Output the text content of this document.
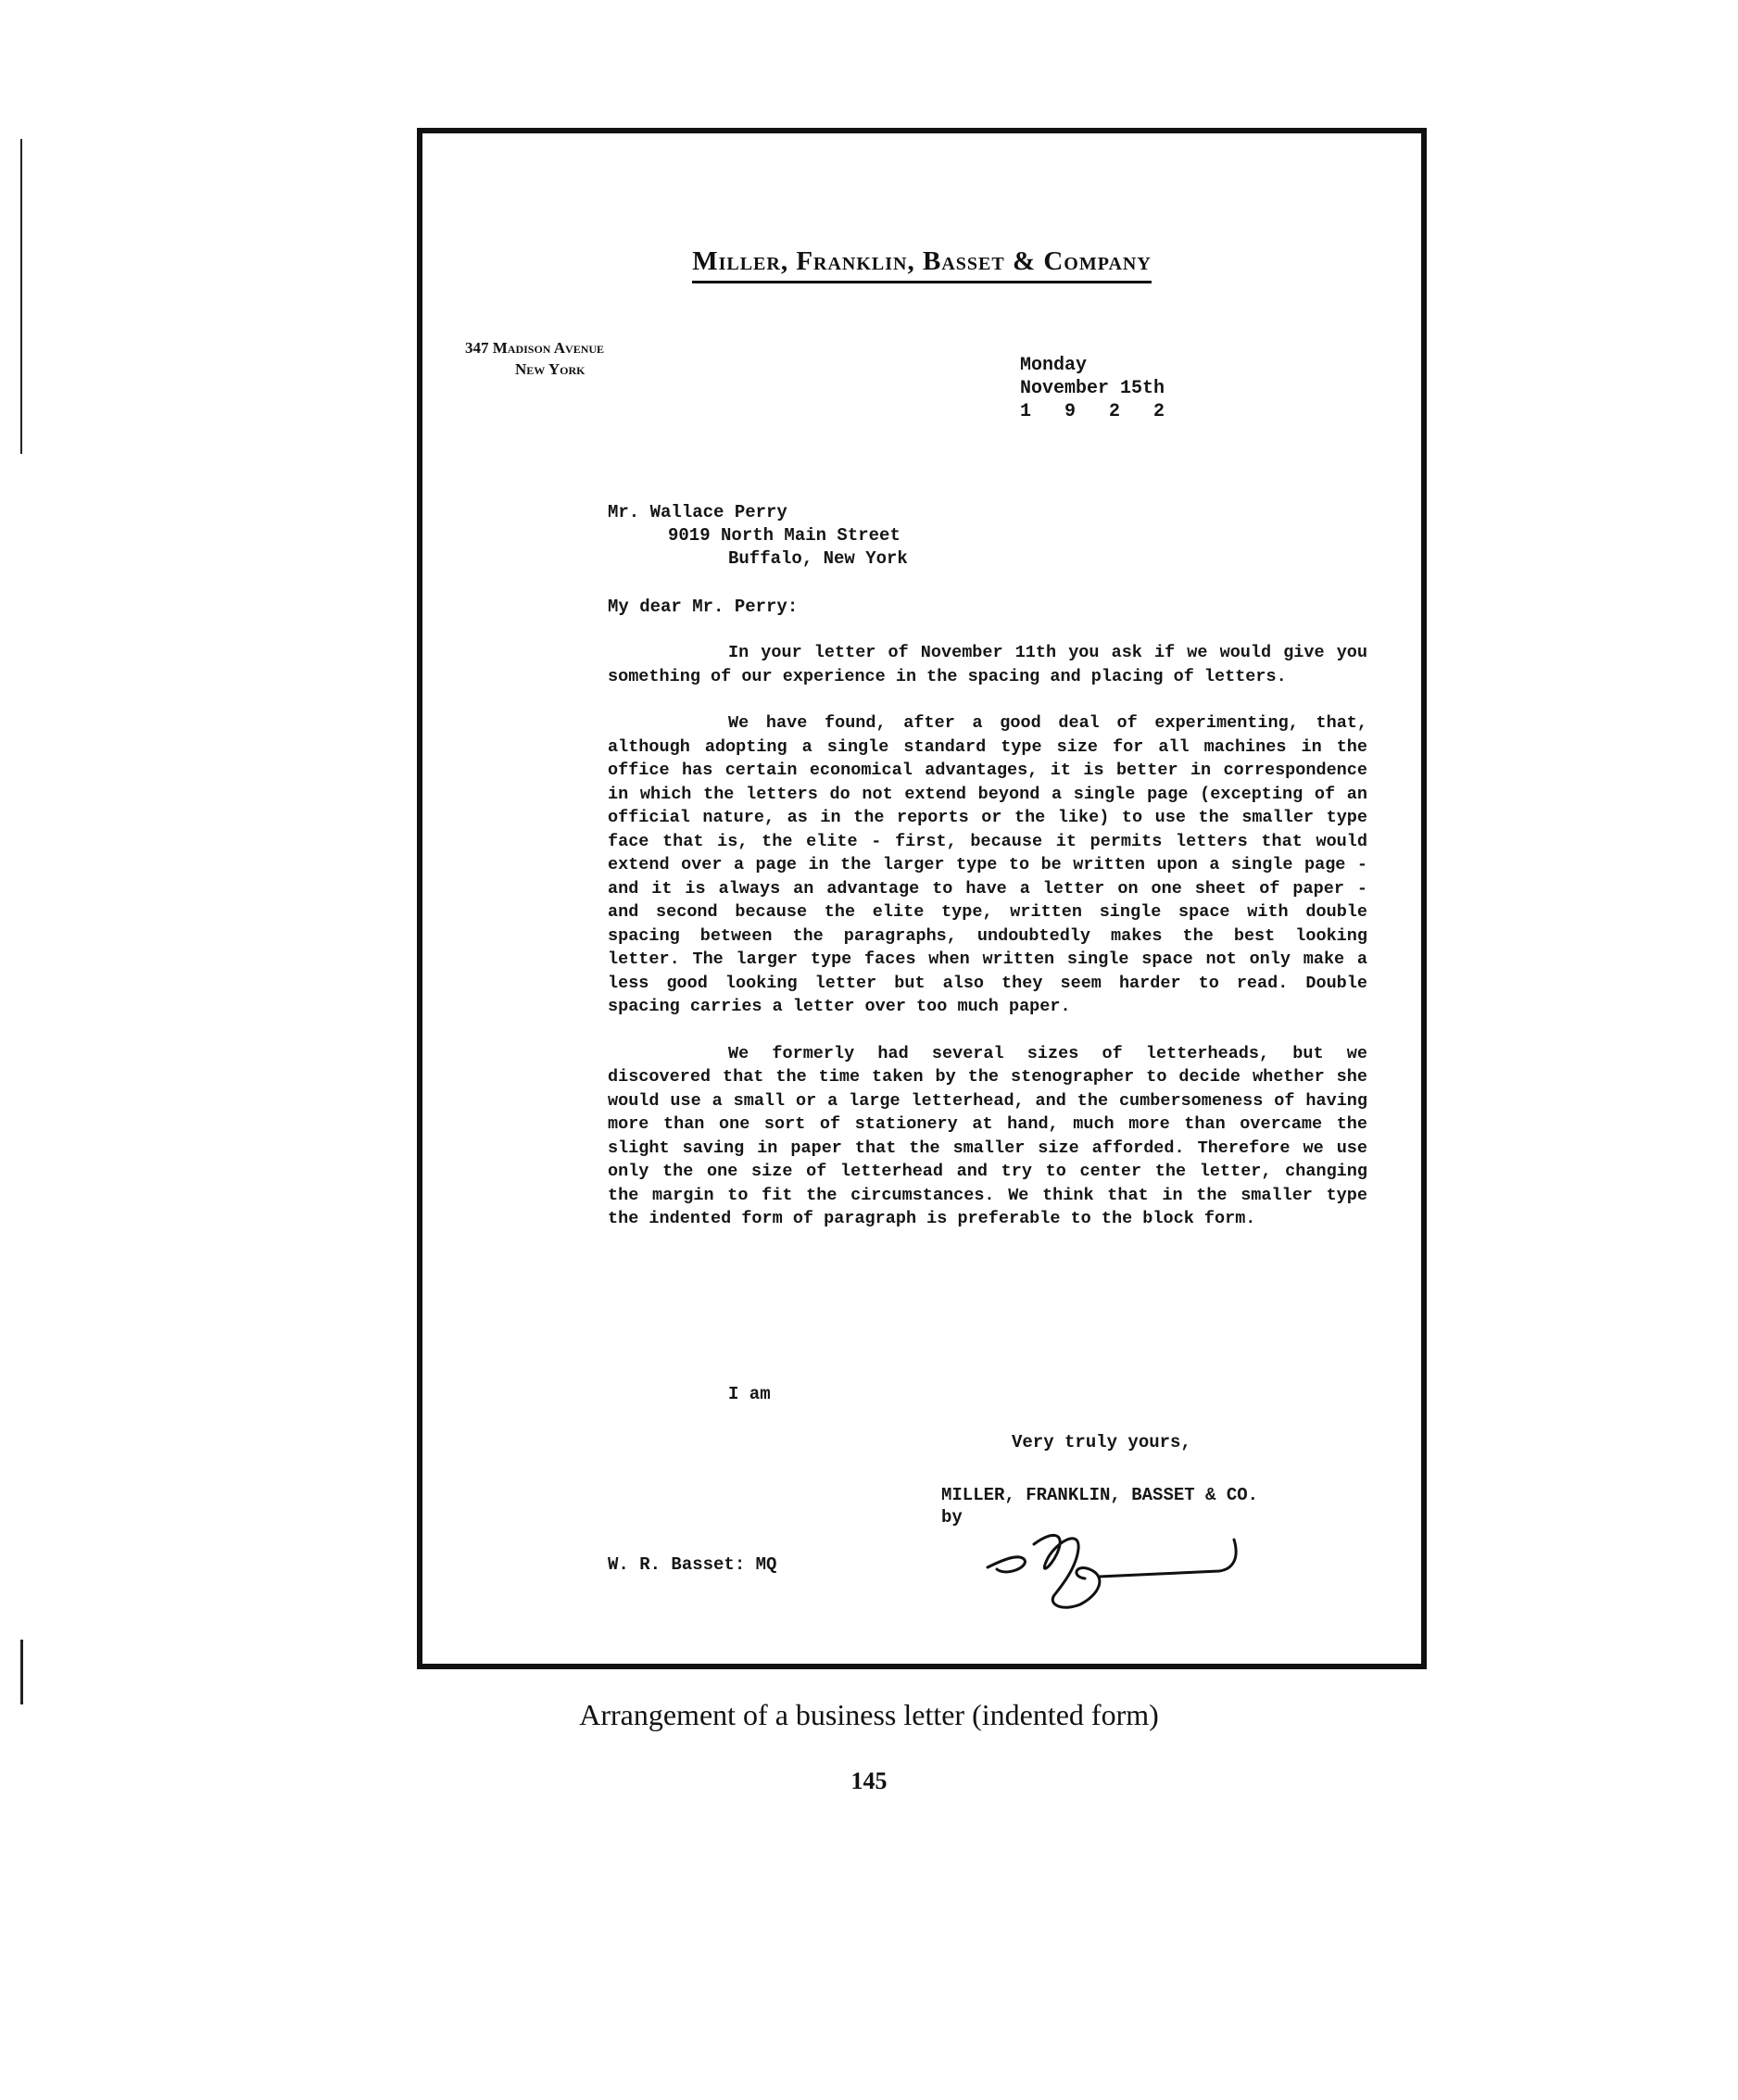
Miller, Franklin, Basset & Company
347 Madison Avenue
New York	Monday
November 15th
1 9 2 2
Mr. Wallace Perry
9019 North Main Street
Buffalo, New York
My dear Mr. Perry:

In your letter of November 11th you ask if we would give you something of our experience in the spacing and placing of letters.

We have found, after a good deal of experimenting, that, although adopting a single standard type size for all machines in the office has certain economical advantages, it is better in correspondence in which the letters do not extend beyond a single page (excepting of an official nature, as in the reports or the like) to use the smaller type face that is, the elite - first, because it permits letters that would extend over a page in the larger type to be written upon a single page - and it is always an advantage to have a letter on one sheet of paper - and second because the elite type, written single space with double spacing between the paragraphs, undoubtedly makes the best looking letter. The larger type faces when written single space not only make a less good looking letter but also they seem harder to read. Double spacing carries a letter over too much paper.

We formerly had several sizes of letterheads, but we discovered that the time taken by the stenographer to decide whether she would use a small or a large letterhead, and the cumbersomeness of having more than one sort of stationery at hand, much more than overcame the slight saving in paper that the smaller size afforded. Therefore we use only the one size of letterhead and try to center the letter, changing the margin to fit the circumstances. We think that in the smaller type the indented form of paragraph is preferable to the block form.

I am
Very truly yours,
MILLER, FRANKLIN, BASSET & CO.
by
W. R. Basset: MQ
Arrangement of a business letter (indented form)
145
